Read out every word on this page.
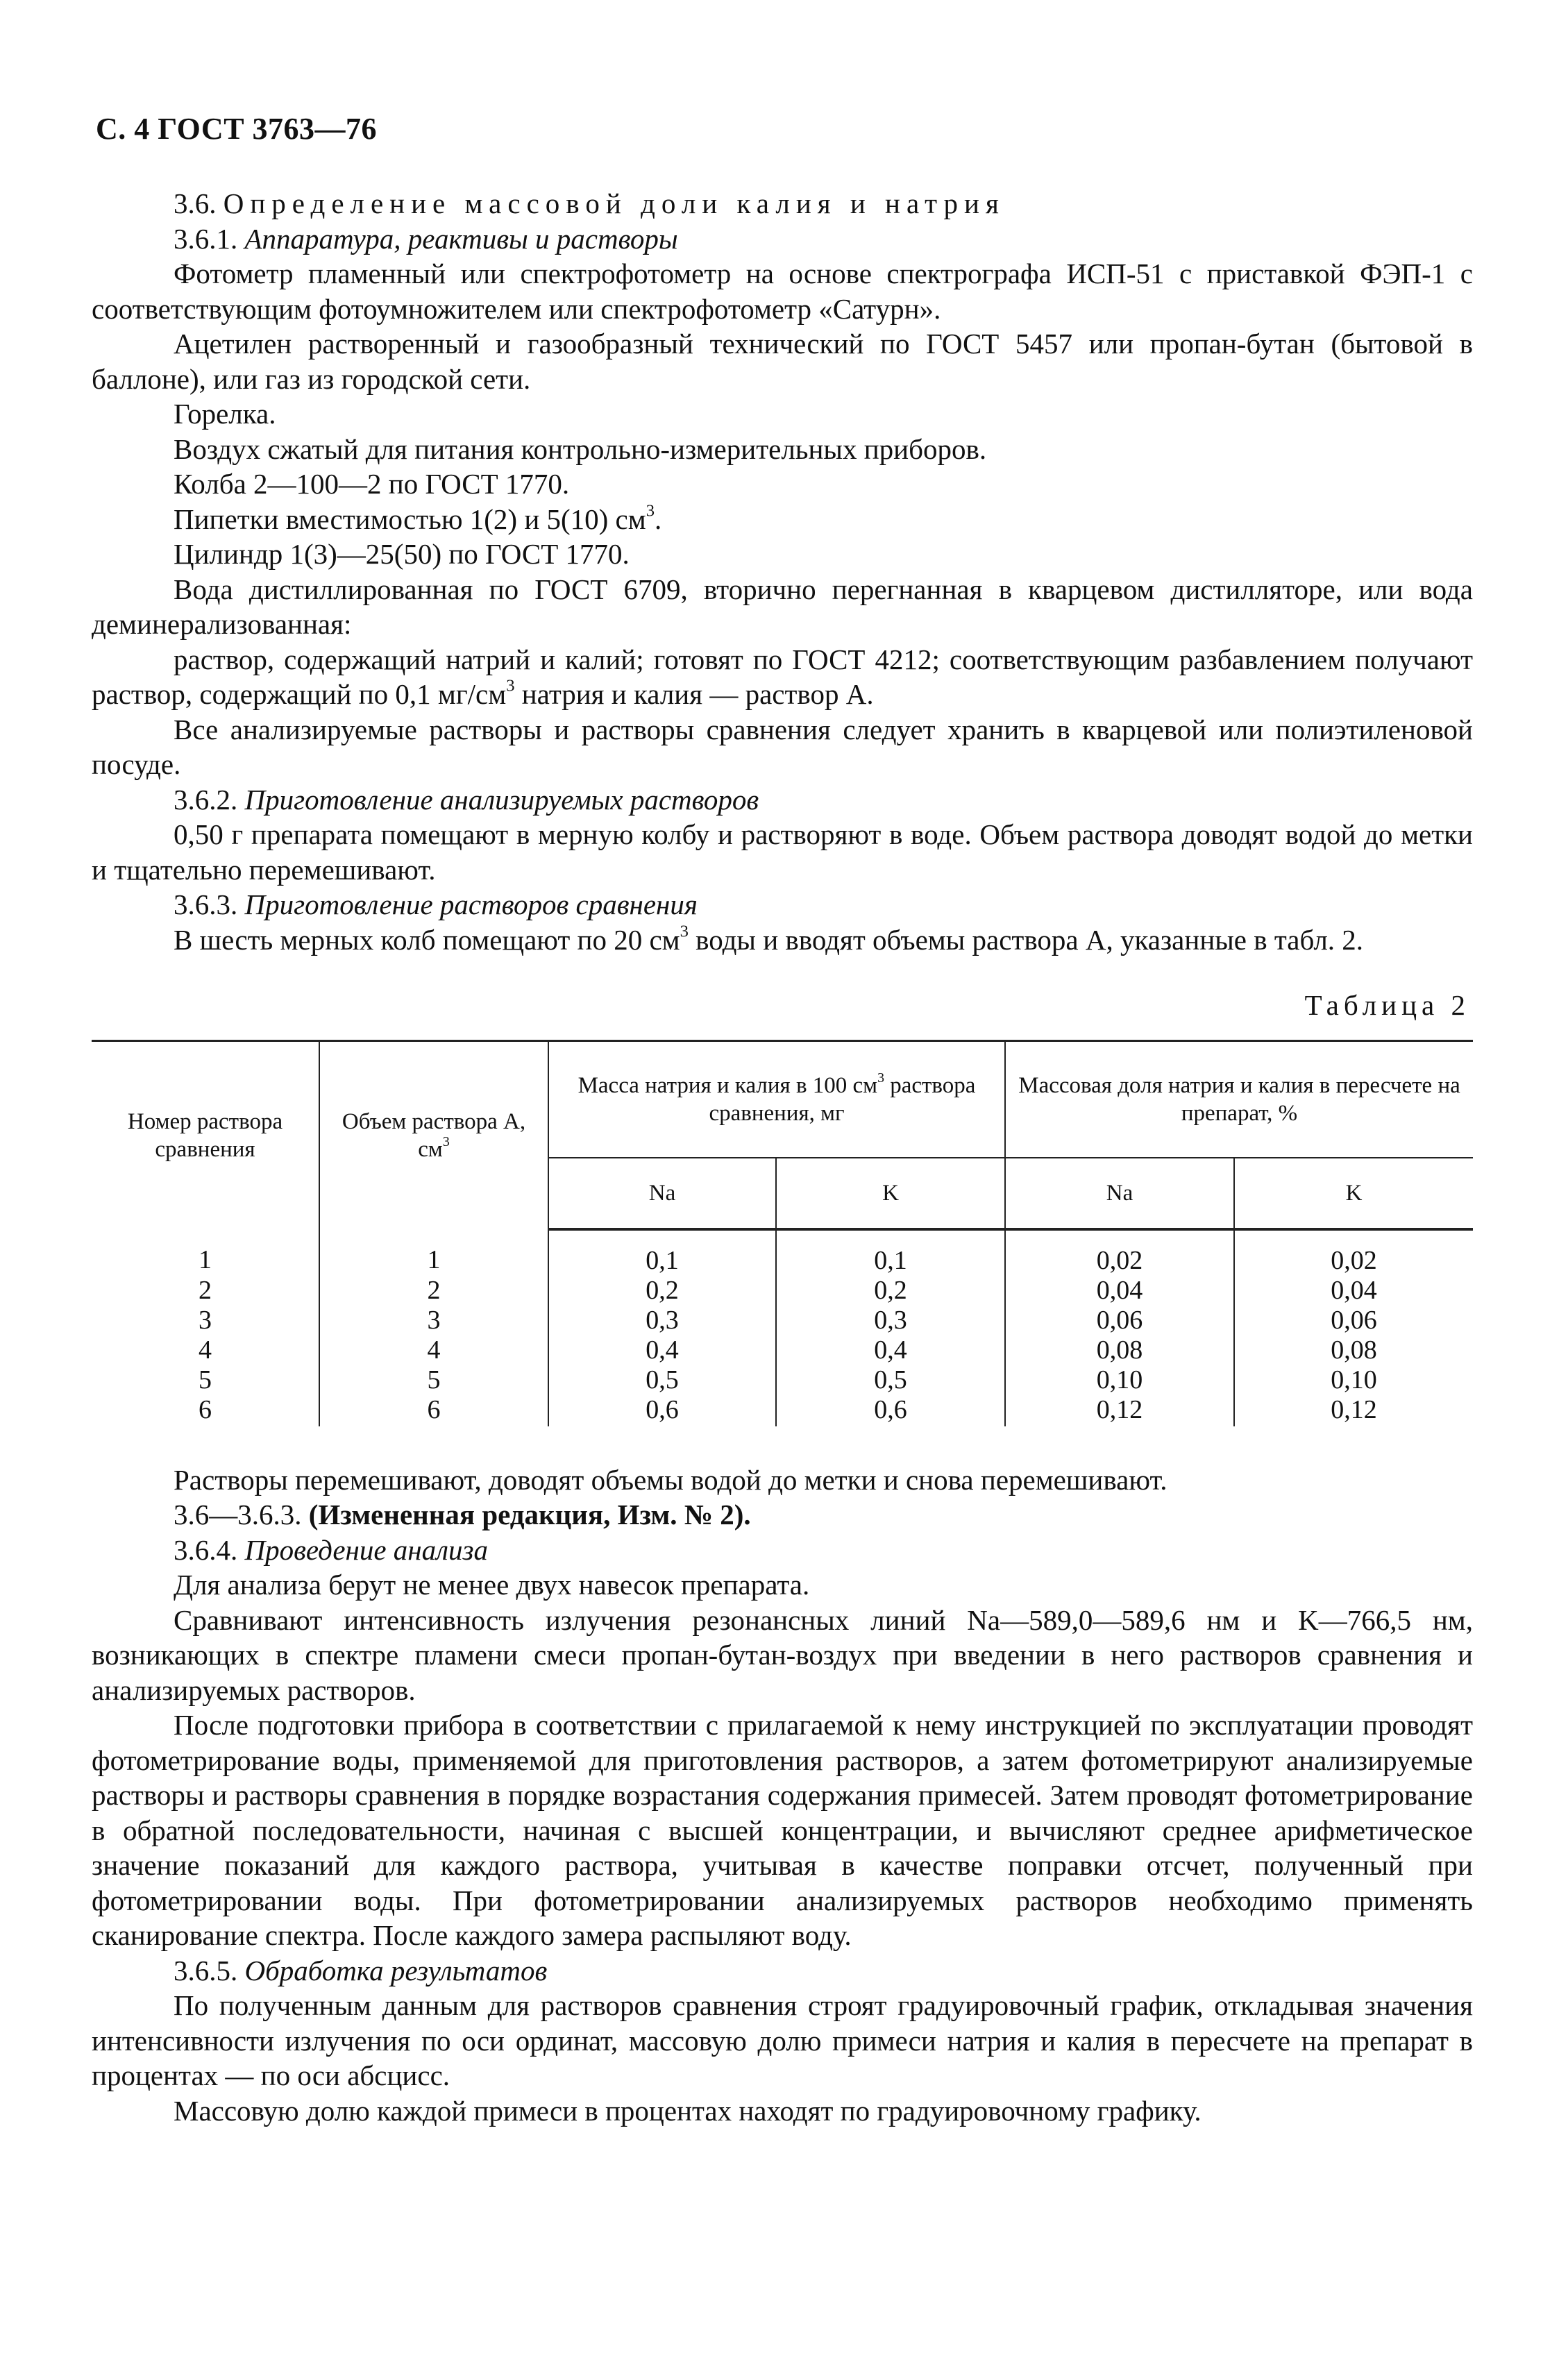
С. 4 ГОСТ 3763—76

3.6. Определение массовой доли калия и натрия

3.6.1. Аппаратура, реактивы и растворы

Фотометр пламенный или спектрофотометр на основе спектрографа ИСП-51 с приставкой ФЭП-1 с соответствующим фотоумножителем или спектрофотометр «Сатурн».

Ацетилен растворенный и газообразный технический по ГОСТ 5457 или пропан-бутан (бытовой в баллоне), или газ из городской сети.

Горелка.

Воздух сжатый для питания контрольно-измерительных приборов.

Колба 2—100—2 по ГОСТ 1770.

Пипетки вместимостью 1(2) и 5(10) $см^3$.

Цилиндр 1(3)—25(50) по ГОСТ 1770.

Вода дистиллированная по ГОСТ 6709, вторично перегнанная в кварцевом дистилляторе, или вода деминерализованная:

раствор, содержащий натрий и калий; готовят по ГОСТ 4212; соответствующим разбавлением получают раствор, содержащий по 0,1 $мг/см^3$ натрия и калия — раствор А.

Все анализируемые растворы и растворы сравнения следует хранить в кварцевой или полиэтиленовой посуде.

3.6.2. Приготовление анализируемых растворов

0,50 г препарата помещают в мерную колбу и растворяют в воде. Объем раствора доводят водой до метки и тщательно перемешивают.

3.6.3. Приготовление растворов сравнения

В шесть мерных колб помещают по 20 $см^3$ воды и вводят объемы раствора А, указанные в табл. 2.

Таблица 2
Номер раствора сравнения	Объем раствора А, $см^3$	Масса натрия и калия в 100 $см^3$ раствора сравнения, мг		Массовая доля натрия и калия в пересчете на препарат, %	
		Na	K	Na	K
1	1	0,1	0,1	0,02	0,02
2	2	0,2	0,2	0,04	0,04
3	3	0,3	0,3	0,06	0,06
4	4	0,4	0,4	0,08	0,08
5	5	0,5	0,5	0,10	0,10
6	6	0,6	0,6	0,12	0,12

Растворы перемешивают, доводят объемы водой до метки и снова перемешивают.

3.6—3.6.3. (Измененная редакция, Изм. № 2).

3.6.4. Проведение анализа

Для анализа берут не менее двух навесок препарата.

Сравнивают интенсивность излучения резонансных линий Na—589,0—589,6 нм и K—766,5 нм, возникающих в спектре пламени смеси пропан-бутан-воздух при введении в него растворов сравнения и анализируемых растворов.

После подготовки прибора в соответствии с прилагаемой к нему инструкцией по эксплуатации проводят фотометрирование воды, применяемой для приготовления растворов, а затем фотометрируют анализируемые растворы и растворы сравнения в порядке возрастания содержания примесей. Затем проводят фотометрирование в обратной последовательности, начиная с высшей концентрации, и вычисляют среднее арифметическое значение показаний для каждого раствора, учитывая в качестве поправки отсчет, полученный при фотометрировании воды. При фотометрировании анализируемых растворов необходимо применять сканирование спектра. После каждого замера распыляют воду.

3.6.5. Обработка результатов

По полученным данным для растворов сравнения строят градуировочный график, откладывая значения интенсивности излучения по оси ординат, массовую долю примеси натрия и калия в пересчете на препарат в процентах — по оси абсцисс.

Массовую долю каждой примеси в процентах находят по градуировочному графику.
